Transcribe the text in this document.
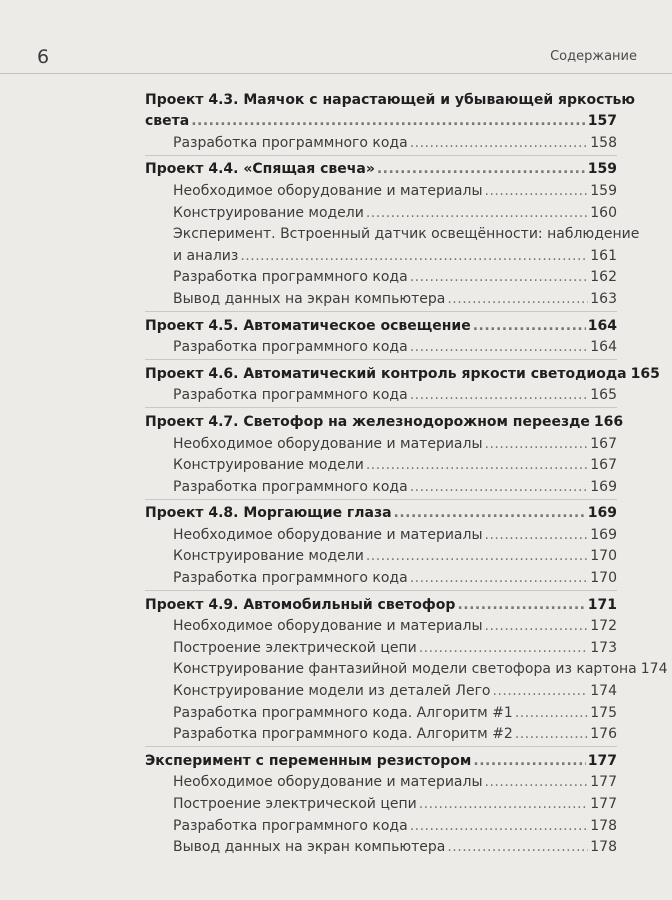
6	Содержание
Проект 4.3. Маячок с нарастающей и убывающей яркостью
света .....	157
Разработка программного кода .....	158
Проект 4.4. «Спящая свеча» .....	159
Необходимое оборудование и материалы .....	159
Конструирование модели .....	160
Эксперимент. Встроенный датчик освещённости: наблюдение
и анализ .....	161
Разработка программного кода .....	162
Вывод данных на экран компьютера .....	163
Проект 4.5. Автоматическое освещение .....	164
Разработка программного кода .....	164
Проект 4.6. Автоматический контроль яркости светодиода 165
Разработка программного кода .....	165
Проект 4.7. Светофор на железнодорожном переезде 166
Необходимое оборудование и материалы .....	167
Конструирование модели .....	167
Разработка программного кода .....	169
Проект 4.8. Моргающие глаза .....	169
Необходимое оборудование и материалы .....	169
Конструирование модели .....	170
Разработка программного кода .....	170
Проект 4.9. Автомобильный светофор .....	171
Необходимое оборудование и материалы .....	172
Построение электрической цепи .....	173
Конструирование фантазийной модели светофора из картона 174
Конструирование модели из деталей Лего .....	174
Разработка программного кода. Алгоритм #1 .....	175
Разработка программного кода. Алгоритм #2 .....	176
Эксперимент с переменным резистором .....	177
Необходимое оборудование и материалы .....	177
Построение электрической цепи .....	177
Разработка программного кода .....	178
Вывод данных на экран компьютера .....	178
